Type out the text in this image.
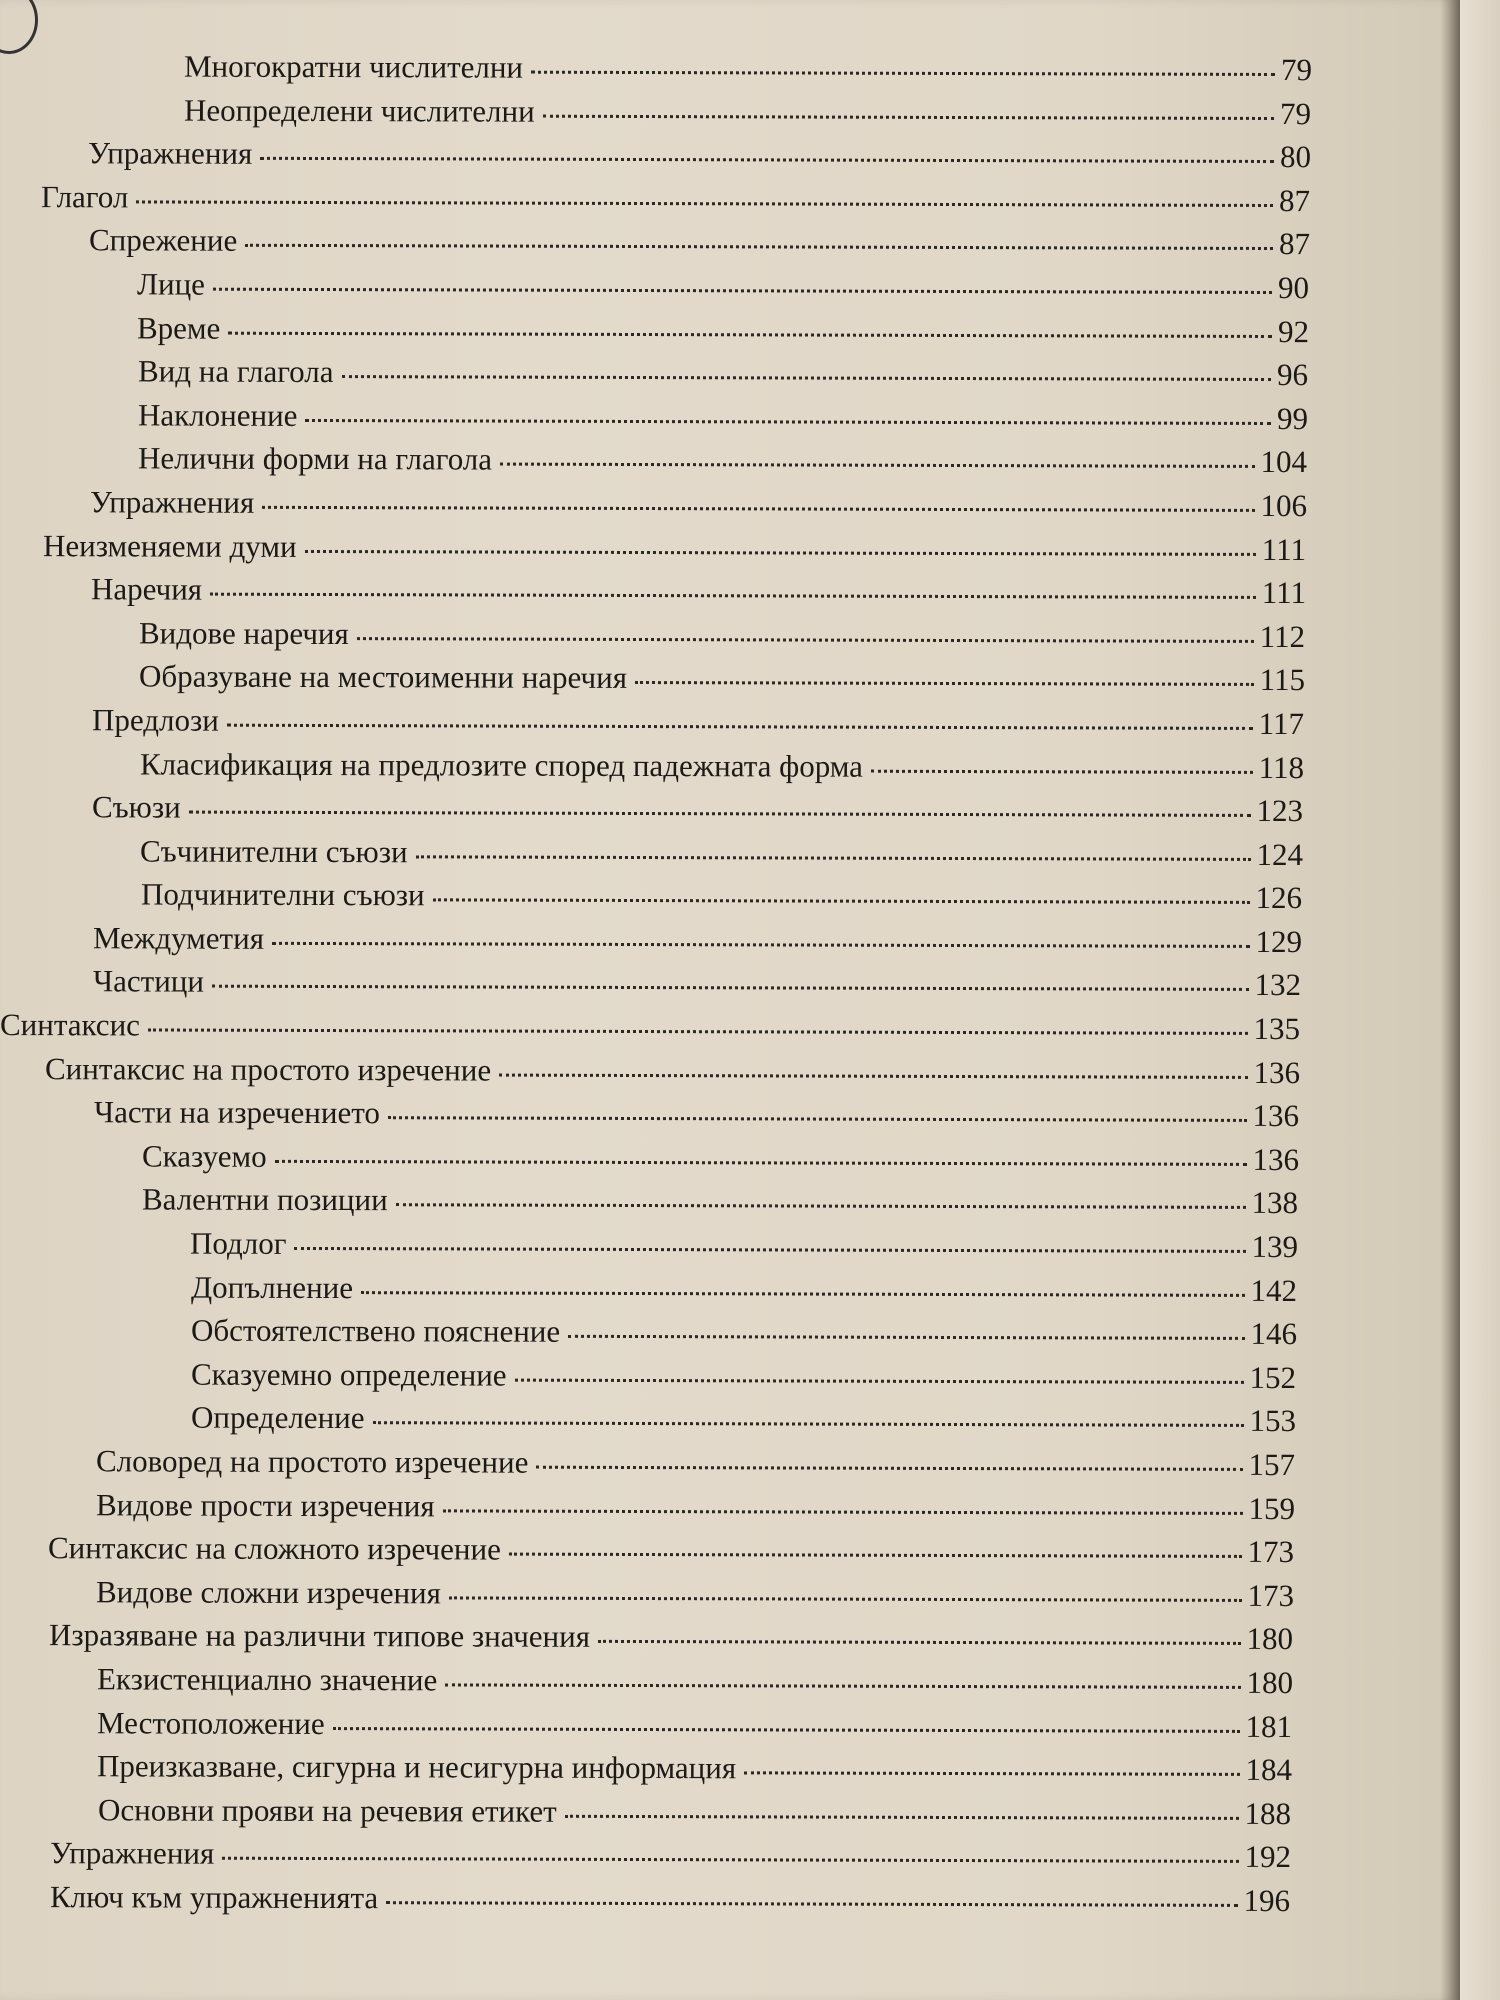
Многократни числителни	79
Неопределени числителни	79
Упражнения	80
Глагол	87
Спрежение	87
Лице	90
Време	92
Вид на глагола	96
Наклонение	99
Нелични форми на глагола	104
Упражнения	106
Неизменяеми думи	111
Наречия	111
Видове наречия	112
Образуване на местоименни наречия	115
Предлози	117
Класификация на предлозите според падежната форма	118
Съюзи	123
Съчинителни съюзи	124
Подчинителни съюзи	126
Междуметия	129
Частици	132
Синтаксис	135
Синтаксис на простото изречение	136
Части на изречението	136
Сказуемо	136
Валентни позиции	138
Подлог	139
Допълнение	142
Обстоятелствено пояснение	146
Сказуемно определение	152
Определение	153
Словоред на простото изречение	157
Видове прости изречения	159
Синтаксис на сложното изречение	173
Видове сложни изречения	173
Изразяване на различни типове значения	180
Екзистенциално значение	180
Местоположение	181
Преизказване, сигурна и несигурна информация	184
Основни прояви на речевия етикет	188
Упражнения	192
Ключ към упражненията	196
